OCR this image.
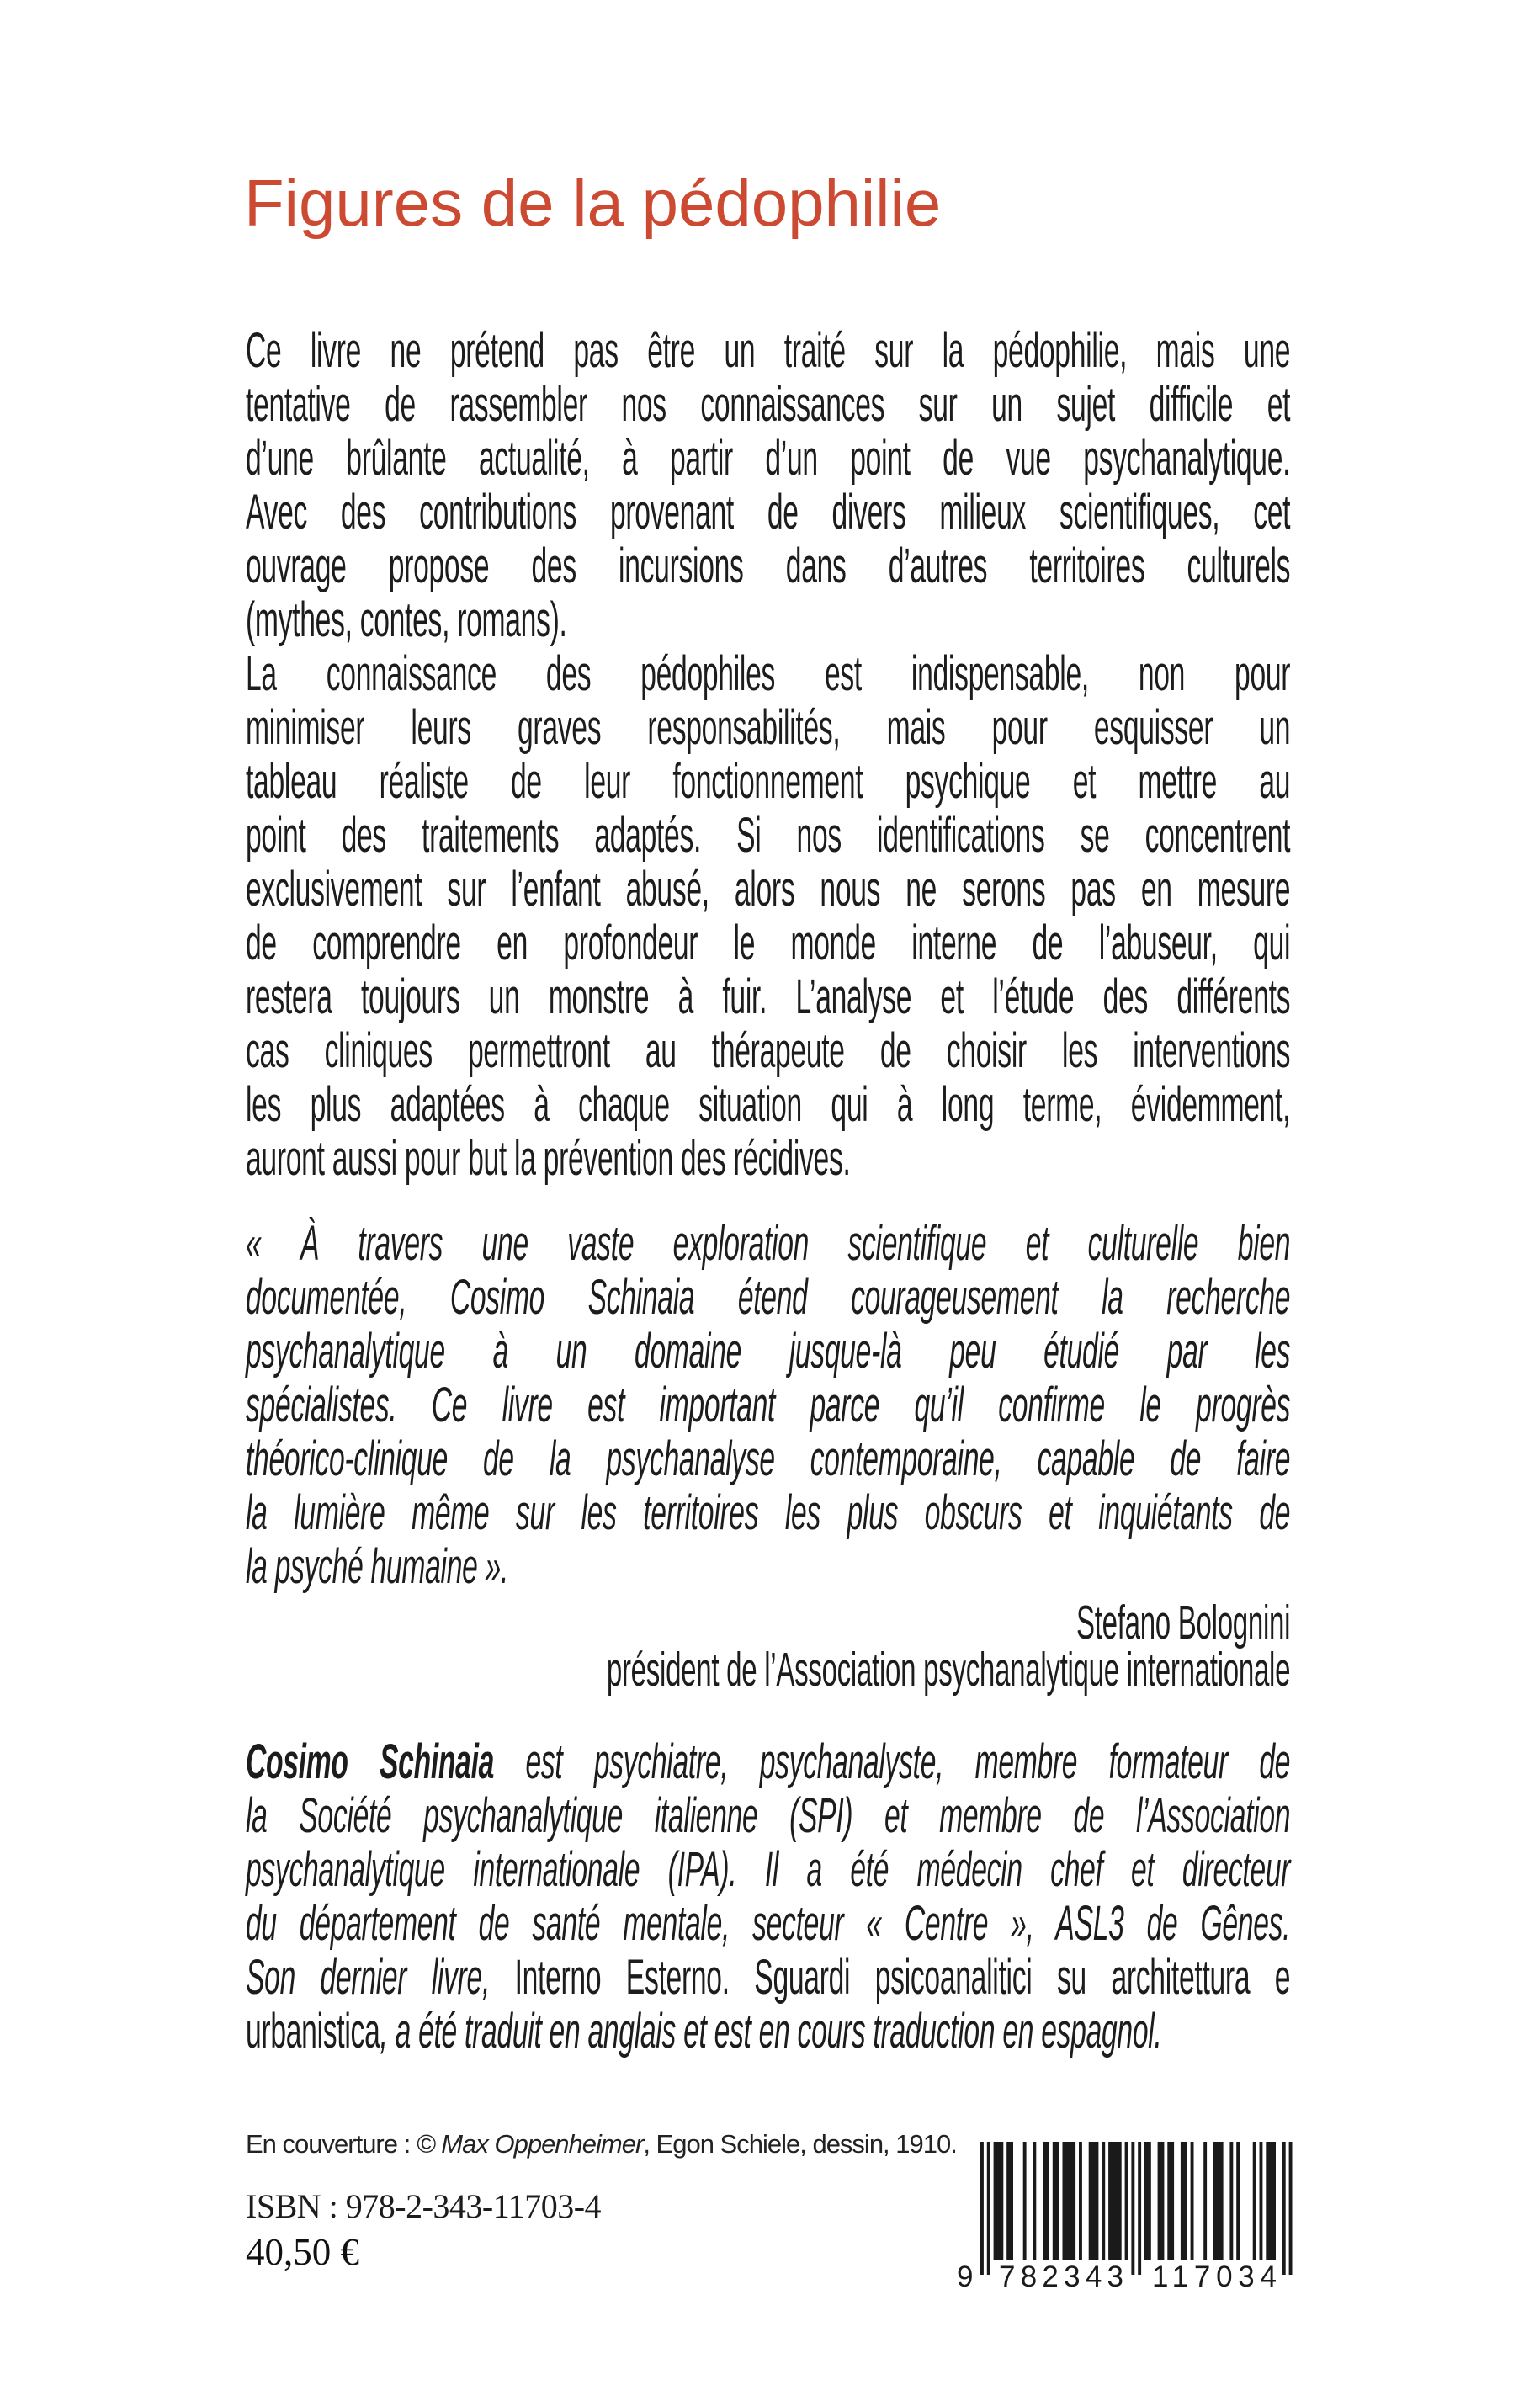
Figures de la pédophilie
Ce livre ne prétend pas être un traité sur la pédophilie, mais une
tentative de rassembler nos connaissances sur un sujet difficile et
d’une brûlante actualité, à partir d’un point de vue psychanalytique.
Avec des contributions provenant de divers milieux scientifiques, cet
ouvrage propose des incursions dans d’autres territoires culturels
(mythes, contes, romans).
La connaissance des pédophiles est indispensable, non pour
minimiser leurs graves responsabilités, mais pour esquisser un
tableau réaliste de leur fonctionnement psychique et mettre au
point des traitements adaptés. Si nos identifications se concentrent
exclusivement sur l’enfant abusé, alors nous ne serons pas en mesure
de comprendre en profondeur le monde interne de l’abuseur, qui
restera toujours un monstre à fuir. L’analyse et l’étude des différents
cas cliniques permettront au thérapeute de choisir les interventions
les plus adaptées à chaque situation qui à long terme, évidemment,
auront aussi pour but la prévention des récidives.
« À travers une vaste exploration scientifique et culturelle bien
documentée, Cosimo Schinaia étend courageusement la recherche
psychanalytique à un domaine jusque-là peu étudié par les
spécialistes. Ce livre est important parce qu’il confirme le progrès
théorico-clinique de la psychanalyse contemporaine, capable de faire
la lumière même sur les territoires les plus obscurs et inquiétants de
la psyché humaine ».
Stefano Bolognini
président de l’Association psychanalytique internationale
Cosimo Schinaia est psychiatre, psychanalyste, membre formateur de
la Société psychanalytique italienne (SPI) et membre de l’Association
psychanalytique internationale (IPA). Il a été médecin chef et directeur
du département de santé mentale, secteur « Centre », ASL3 de Gênes.
Son dernier livre, Interno Esterno. Sguardi psicoanalitici su architettura e
urbanistica, a été traduit en anglais et est en cours traduction en espagnol.
En couverture : © Max Oppenheimer, Egon Schiele, dessin, 1910.
ISBN : 978-2-343-11703-4
40,50 €
9 782343 117034
